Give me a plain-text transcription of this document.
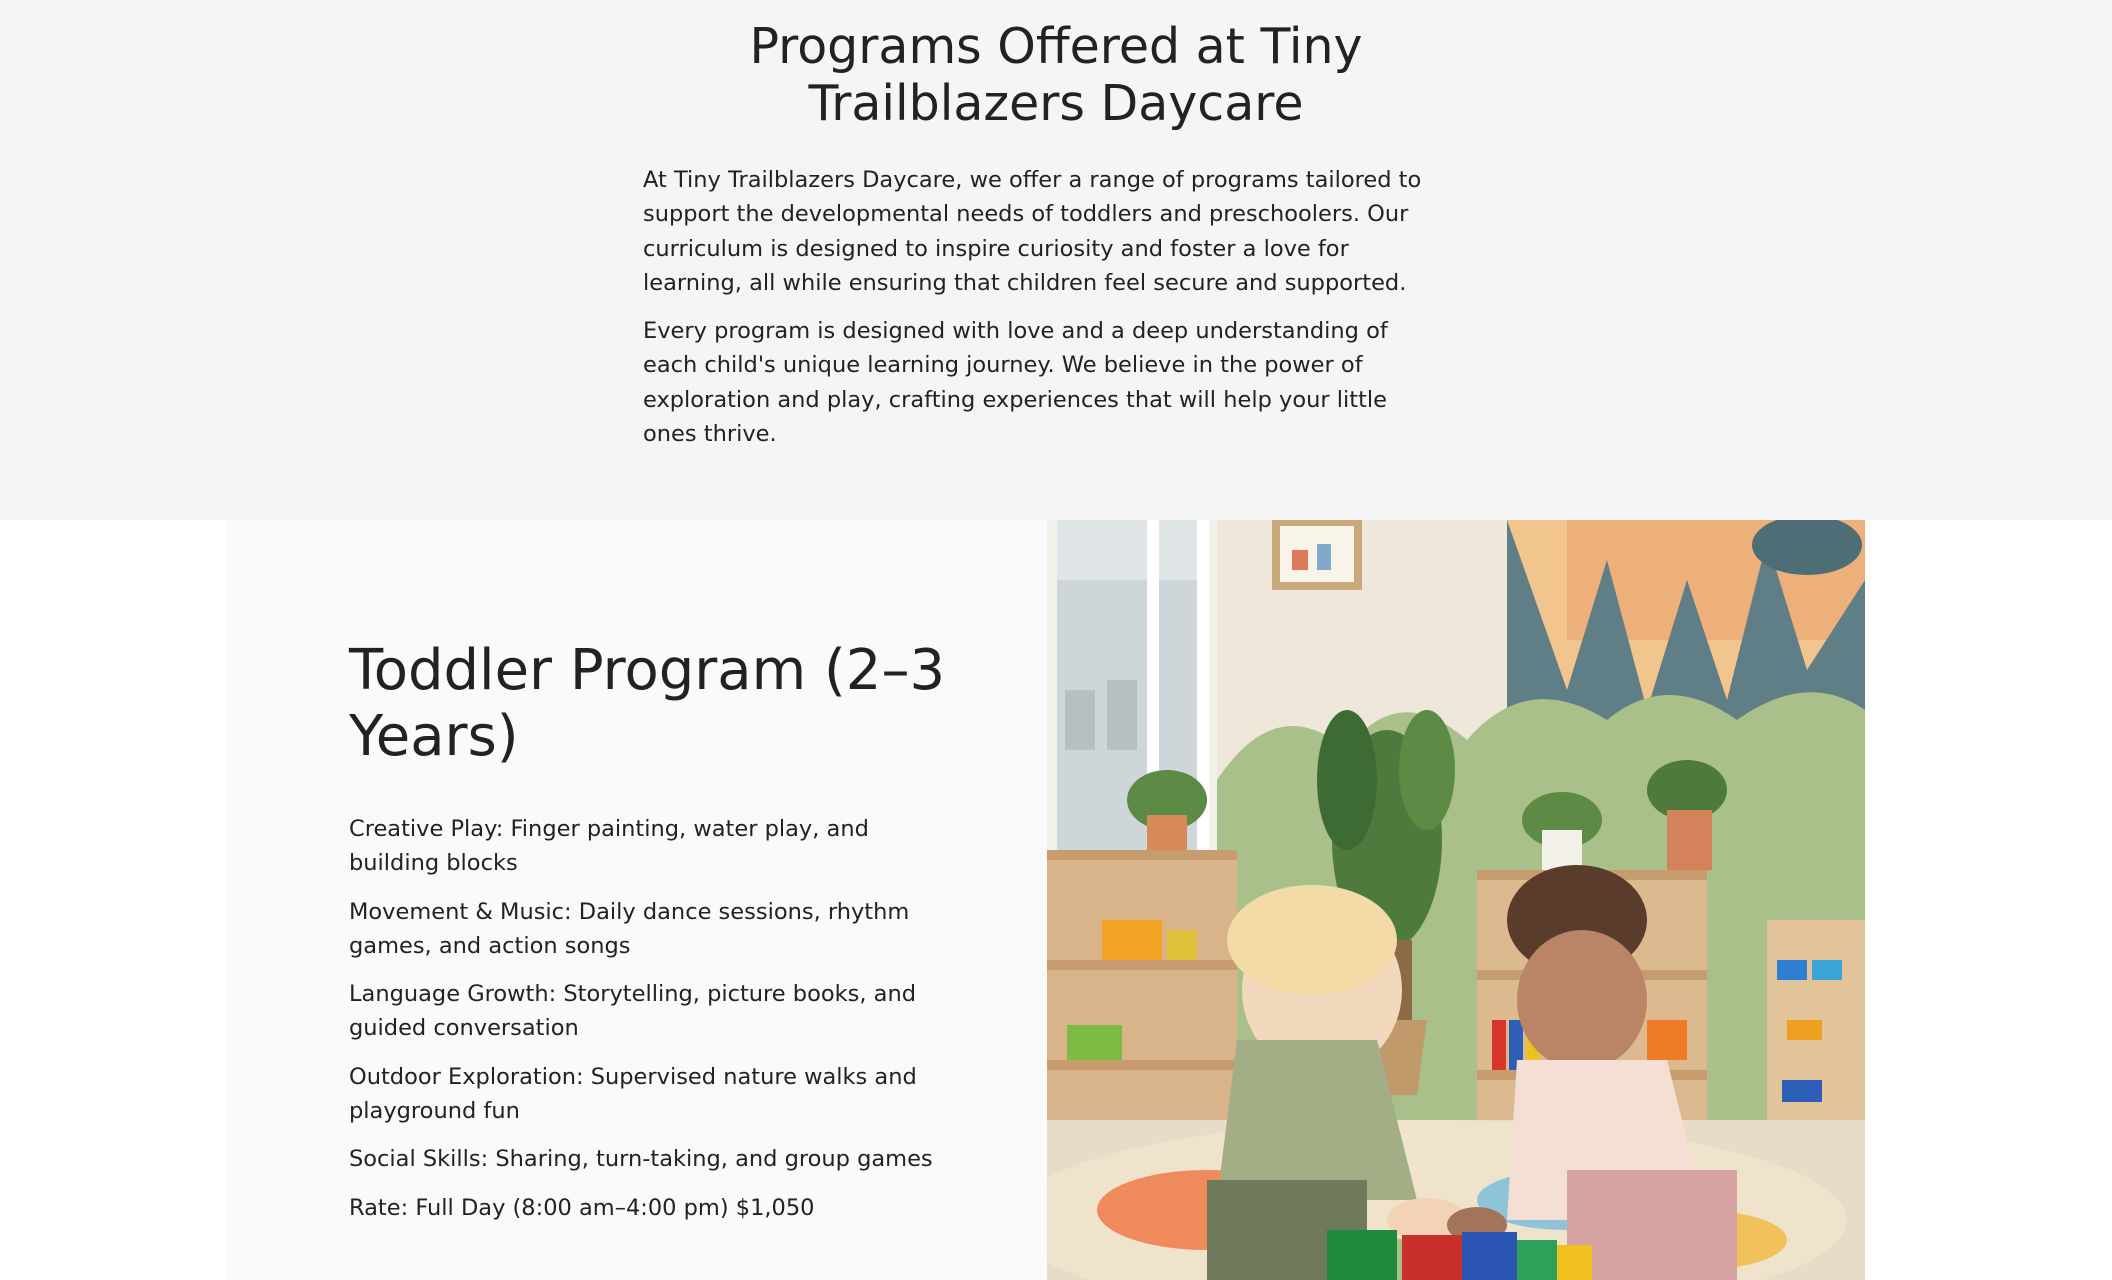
Programs Offered at Tiny Trailblazers Daycare

At Tiny Trailblazers Daycare, we offer a range of programs tailored to support the developmental needs of toddlers and preschoolers. Our curriculum is designed to inspire curiosity and foster a love for learning, all while ensuring that children feel secure and supported.

Every program is designed with love and a deep understanding of each child's unique learning journey. We believe in the power of exploration and play, crafting experiences that will help your little ones thrive.

Toddler Program (2–3 Years)
Creative Play: Finger painting, water play, and building blocks
Movement & Music: Daily dance sessions, rhythm games, and action songs
Language Growth: Storytelling, picture books, and guided conversation
Outdoor Exploration: Supervised nature walks and playground fun
Social Skills: Sharing, turn-taking, and group games
Rate: Full Day (8:00 am–4:00 pm) $1,050
